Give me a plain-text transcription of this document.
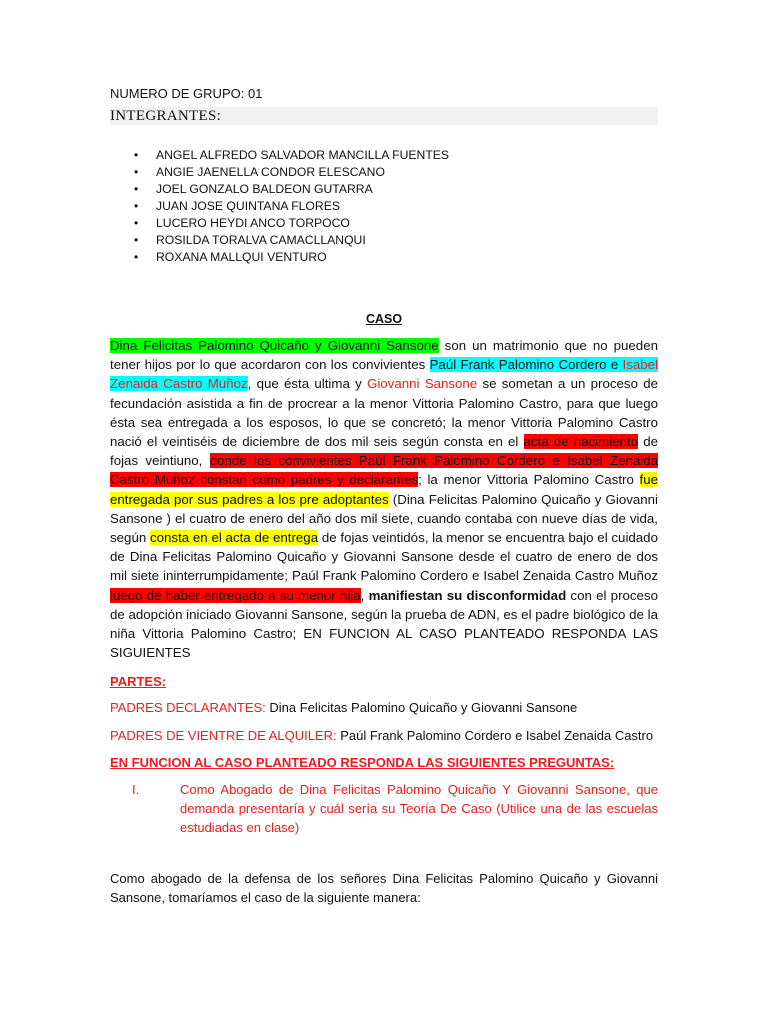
NUMERO DE GRUPO: 01
INTEGRANTES:
• ANGEL ALFREDO SALVADOR MANCILLA FUENTES
• ANGIE JAENELLA CONDOR ELESCANO
• JOEL GONZALO BALDEON GUTARRA
• JUAN JOSE QUINTANA FLORES
• LUCERO HEYDI ANCO TORPOCO
• ROSILDA TORALVA CAMACLLANQUI
• ROXANA MALLQUI VENTURO
CASO
Dina Felicitas Palomino Quicaño y Giovanni Sansone son un matrimonio que no pueden tener hijos por lo que acordaron con los convivientes Paúl Frank Palomino Cordero e Isabel Zenaida Castro Muñoz, que ésta ultima y Giovanni Sansone se sometan a un proceso de fecundación asistida a fin de procrear a la menor Vittoria Palomino Castro, para que luego ésta sea entregada a los esposos, lo que se concretó; la menor Vittoria Palomino Castro nació el veintiséis de diciembre de dos mil seis según consta en el acta de nacimiento de fojas veintiuno, donde los convivientes Paúl Frank Palomino Cordero e Isabel Zenaida Castro Muñoz constan como padres y declarantes; la menor Vittoria Palomino Castro fue entregada por sus padres a los pre adoptantes (Dina Felicitas Palomino Quicaño y Giovanni Sansone ) el cuatro de enero del año dos mil siete, cuando contaba con nueve días de vida, según consta en el acta de entrega de fojas veintidós, la menor se encuentra bajo el cuidado de Dina Felicitas Palomino Quicaño y Giovanni Sansone desde el cuatro de enero de dos mil siete ininterrumpidamente; Paúl Frank Palomino Cordero e Isabel Zenaida Castro Muñoz luego de haber entregado a su menor hija, manifiestan su disconformidad con el proceso de adopción iniciado Giovanni Sansone, según la prueba de ADN, es el padre biológico de la niña Vittoria Palomino Castro; EN FUNCION AL CASO PLANTEADO RESPONDA LAS SIGUIENTES
PARTES:
PADRES DECLARANTES: Dina Felicitas Palomino Quicaño y Giovanni Sansone
PADRES DE VIENTRE DE ALQUILER: Paúl Frank Palomino Cordero e Isabel Zenaida Castro
EN FUNCION AL CASO PLANTEADO RESPONDA LAS SIGUIENTES PREGUNTAS:
I.	Como Abogado de Dina Felicitas Palomino Quicaño Y Giovanni Sansone, que demanda presentaría y cuál sería su Teoría De Caso (Utilice una de las escuelas estudiadas en clase)
Como abogado de la defensa de los señores Dina Felicitas Palomino Quicaño y Giovanni Sansone, tomaríamos el caso de la siguiente manera:
